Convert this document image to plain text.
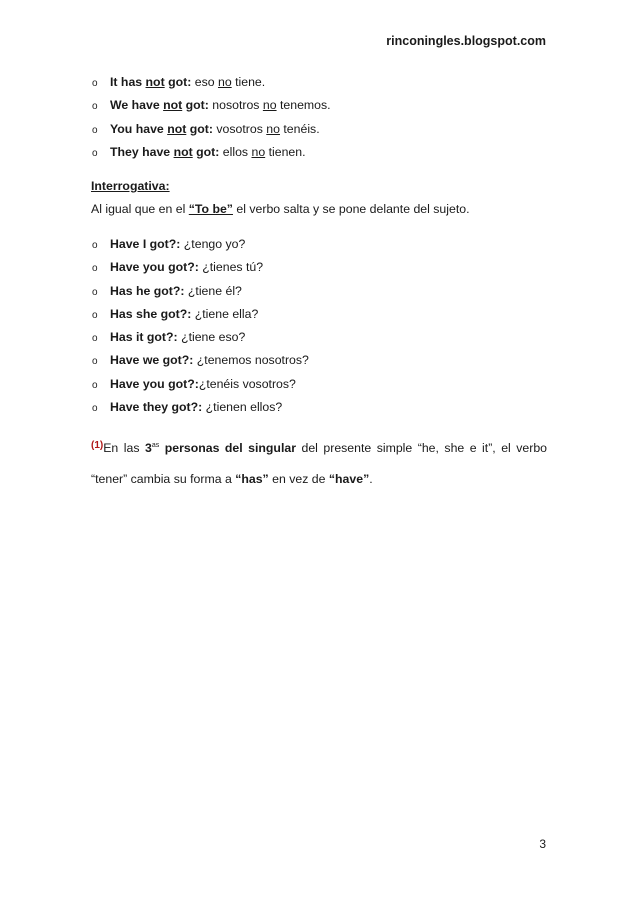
rinconingles.blogspot.com
o It has not got: eso no tiene.
o We have not got: nosotros no tenemos.
o You have not got: vosotros no tenéis.
o They have not got: ellos no tienen.
Interrogativa:
Al igual que en el “To be” el verbo salta y se pone delante del sujeto.
o Have I got?: ¿tengo yo?
o Have you got?: ¿tienes tú?
o Has he got?: ¿tiene él?
o Has she got?: ¿tiene ella?
o Has it got?: ¿tiene eso?
o Have we got?: ¿tenemos nosotros?
o Have you got?:¿tenéis vosotros?
o Have they got?: ¿tienen ellos?
$^{(1)}$En las $3^{as}$ personas del singular del presente simple “he, she e it”, el verbo “tener” cambia su forma a “has” en vez de “have”.
3
